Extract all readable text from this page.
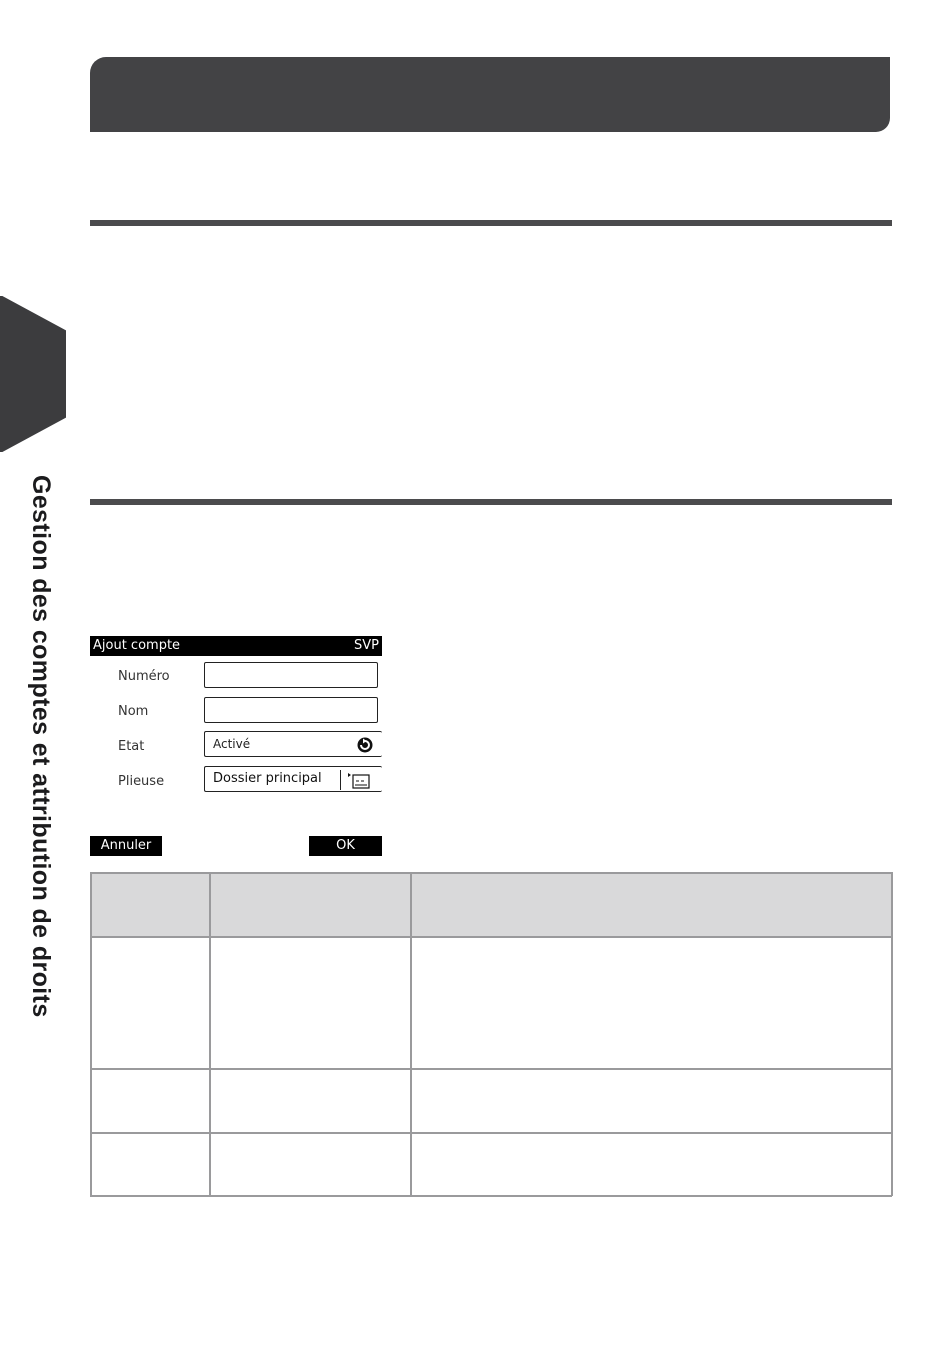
Gestion des comptes et attribution de droits	Ajout compte	SVP
Numéro
Nom
Etat	Activé
Plieuse	Dossier principal
Annuler	OK
